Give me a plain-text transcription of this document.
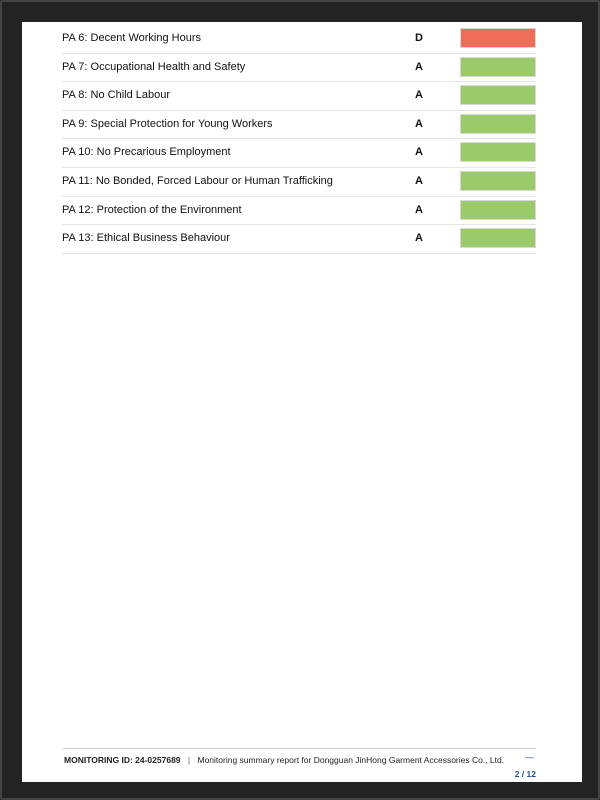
PA 6: Decent Working Hours	D
PA 7: Occupational Health and Safety	A
PA 8: No Child Labour	A
PA 9: Special Protection for Young Workers	A
PA 10: No Precarious Employment	A
PA 11: No Bonded, Forced Labour or Human Trafficking	A
PA 12: Protection of the Environment	A
PA 13: Ethical Business Behaviour	A
MONITORING ID: 24-0257689 | Monitoring summary report for Dongguan JinHong Garment Accessories Co., Ltd. —
2 / 12
